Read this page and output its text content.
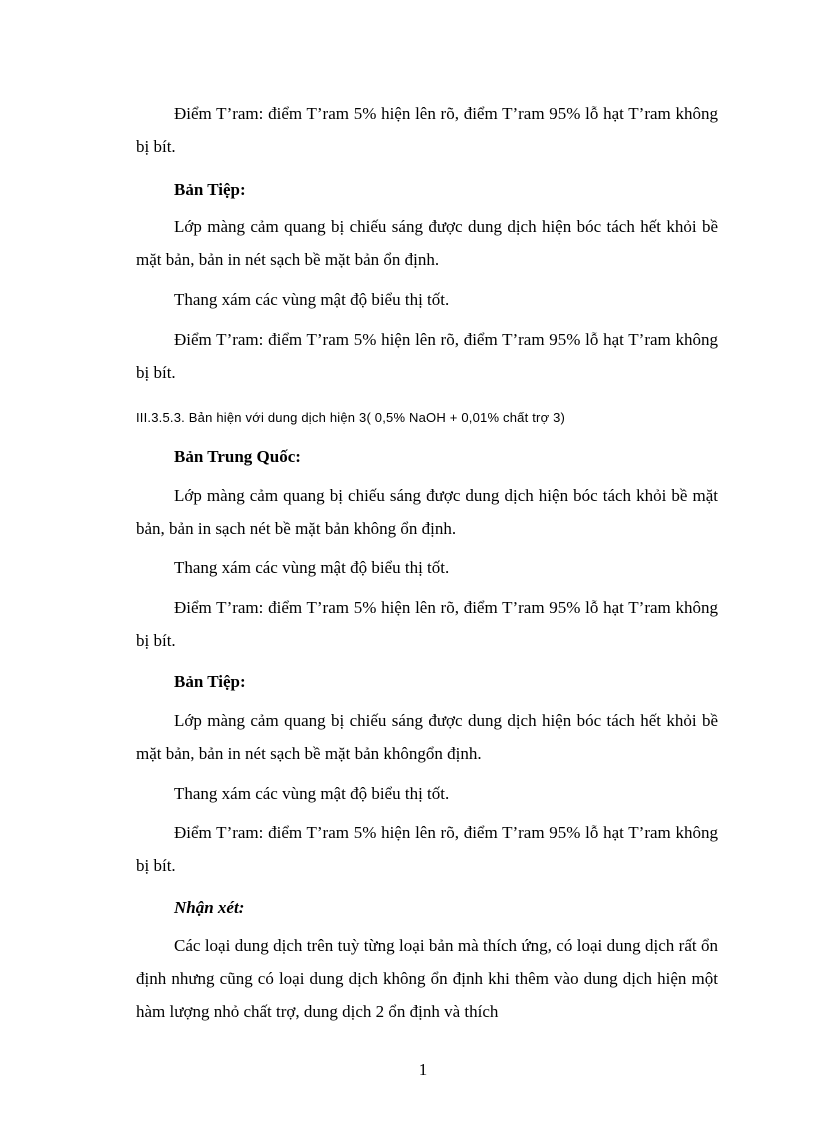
Điểm T’ram: điểm T’ram 5% hiện lên rõ, điểm T’ram 95% lỗ hạt T’ram không bị bít.

Bản Tiệp:

Lớp màng cảm quang bị chiếu sáng được dung dịch hiện bóc tách hết khỏi bề mặt bản, bản in nét sạch bề mặt bản ổn định.

Thang xám các vùng mật độ biểu thị tốt.

Điểm T’ram: điểm T’ram 5% hiện lên rõ, điểm T’ram 95% lỗ hạt T’ram không bị bít.

III.3.5.3. Bản hiện với dung dịch hiện 3( 0,5% NaOH + 0,01% chất trợ 3)

Bản Trung Quốc:

Lớp màng cảm quang bị chiếu sáng được dung dịch hiện bóc tách khỏi bề mặt bản, bản in sạch nét bề mặt bản không ổn định.

Thang xám các vùng mật độ biểu thị tốt.

Điểm T’ram: điểm T’ram 5% hiện lên rõ, điểm T’ram 95% lỗ hạt T’ram không bị bít.

Bản Tiệp:

Lớp màng cảm quang bị chiếu sáng được dung dịch hiện bóc tách hết khỏi bề mặt bản, bản in nét sạch bề mặt bản khôngổn định.

Thang xám các vùng mật độ biểu thị tốt.

Điểm T’ram: điểm T’ram 5% hiện lên rõ, điểm T’ram 95% lỗ hạt T’ram không bị bít.

Nhận xét:

Các loại dung dịch trên tuỳ từng loại bản mà thích ứng, có loại dung dịch rất ổn định nhưng cũng có loại dung dịch không ổn định khi thêm vào dung dịch hiện một hàm lượng nhỏ chất trợ, dung dịch 2 ổn định và thích

1
